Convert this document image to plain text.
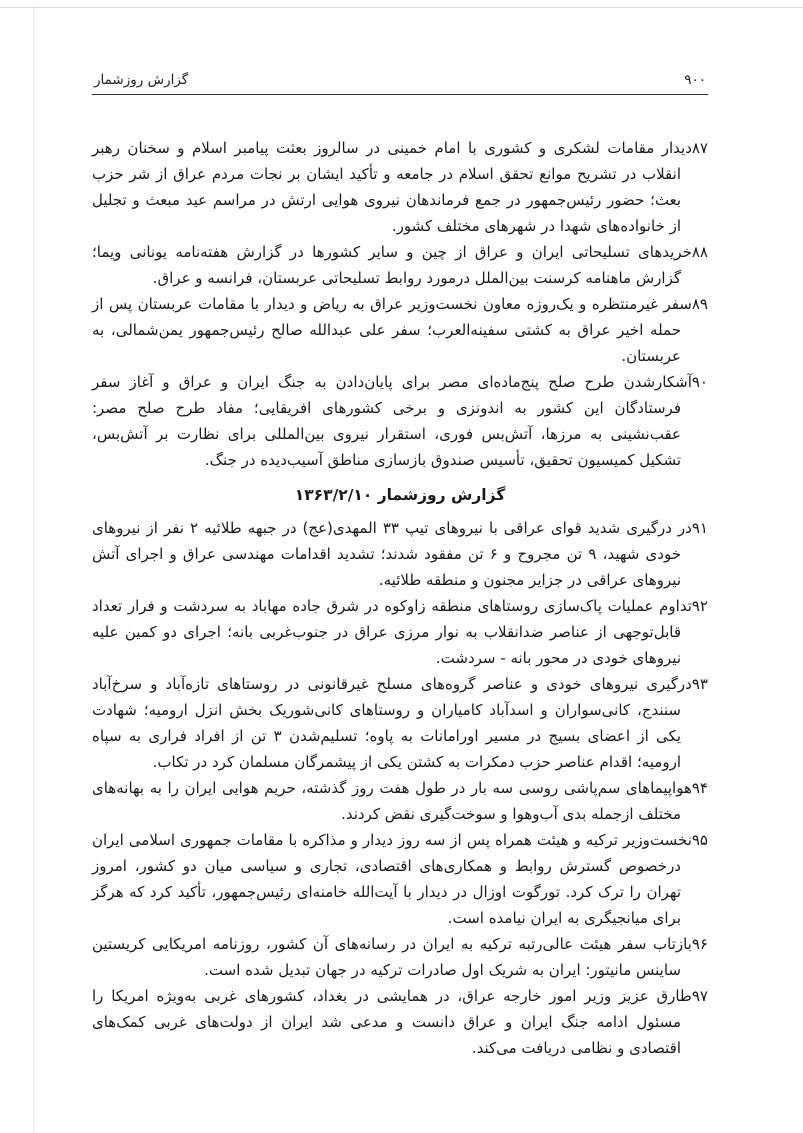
۹۰۰
گزارش روزشمار

۸۷دیدار مقامات لشکری و کشوری با امام خمینی در سالروز بعثت پیامبر اسلام و سخنان رهبر انقلاب در تشریح موانع تحقق اسلام در جامعه و تأکید ایشان بر نجات مردم عراق از شر حزب بعث؛ حضور رئیس‌جمهور در جمع فرماندهان نیروی هوایی ارتش در مراسم عید مبعث و تجلیل از خانواده‌های شهدا در شهرهای مختلف کشور.

۸۸خریدهای تسلیحاتی ایران و عراق از چین و سایر کشورها در گزارش هفته‌نامه یونانی ویما؛ گزارش ماهنامه کرسنت بین‌الملل درمورد روابط تسلیحاتی عربستان، فرانسه و عراق.

۸۹سفر غیرمنتظره و یک‌روزه معاون نخست‌وزیر عراق به ریاض و دیدار با مقامات عربستان پس از حمله اخیر عراق به کشتی سفینه‌العرب؛ سفر علی عبدالله صالح رئیس‌جمهور یمن‌شمالی، به عربستان.

۹۰آشکارشدن طرح صلح پنج‌ماده‌ای مصر برای پایان‌دادن به جنگ ایران و عراق و آغاز سفر فرستادگان این کشور به اندونزی و برخی کشورهای افریقایی؛ مفاد طرح صلح مصر: عقب‌نشینی به مرزها، آتش‌بس فوری، استقرار نیروی بین‌المللی برای نظارت بر آتش‌بس، تشکیل کمیسیون تحقیق، تأسیس صندوق بازسازی مناطق آسیب‌دیده در جنگ.

گزارش روزشمار ۱۳۶۳/۲/۱۰

۹۱در درگیری شدید قوای عراقی با نیروهای تیپ ۳۳ المهدی(عج) در جبهه طلائیه ۲ نفر از نیروهای خودی شهید، ۹ تن مجروح و ۶ تن مفقود شدند؛ تشدید اقدامات مهندسی عراق و اجرای آتش نیروهای عراقی در جزایر مجنون و منطقه طلائیه.

۹۲تداوم عملیات پاک‌سازی روستاهای منطقه زاوکوه در شرق جاده مهاباد به سردشت و فرار تعداد قابل‌توجهی از عناصر ضدانقلاب به نوار مرزی عراق در جنوب‌غربی بانه؛ اجرای دو کمین علیه نیروهای خودی در محور بانه - سردشت.

۹۳درگیری نیروهای خودی و عناصر گروه‌های مسلح غیرقانونی در روستاهای تازه‌آباد و سرخ‌آباد سنندج، کانی‌سواران و اسدآباد کامیاران و روستاهای کانی‌شوریک بخش انزل ارومیه؛ شهادت یکی از اعضای بسیج در مسیر اورامانات به پاوه؛ تسلیم‌شدن ۳ تن از افراد فراری به سپاه ارومیه؛ اقدام عناصر حزب دمکرات به کشتن یکی از پیشمرگان مسلمان کرد در تکاب.

۹۴هواپیماهای سم‌پاشی روسی سه بار در طول هفت روز گذشته، حریم هوایی ایران را به بهانه‌های مختلف ازجمله بدی آب‌وهوا و سوخت‌گیری نقض کردند.

۹۵نخست‌وزیر ترکیه و هیئت همراه پس از سه روز دیدار و مذاکره با مقامات جمهوری اسلامی ایران درخصوص گسترش روابط و همکاری‌های اقتصادی، تجاری و سیاسی میان دو کشور، امروز تهران را ترک کرد. تورگوت اوزال در دیدار با آیت‌الله خامنه‌ای رئیس‌جمهور، تأکید کرد که هرگز برای میانجیگری به ایران نیامده است.

۹۶بازتاب سفر هیئت عالی‌رتبه ترکیه به ایران در رسانه‌های آن کشور، روزنامه امریکایی کریستین ساینس مانیتور: ایران به شریک اول صادرات ترکیه در جهان تبدیل شده است.

۹۷طارق عزیز وزیر امور خارجه عراق، در همایشی در بغداد، کشورهای غربی به‌ویژه امریکا را مسئول ادامه جنگ ایران و عراق دانست و مدعی شد ایران از دولت‌های غربی کمک‌های اقتصادی و نظامی دریافت می‌کند.
